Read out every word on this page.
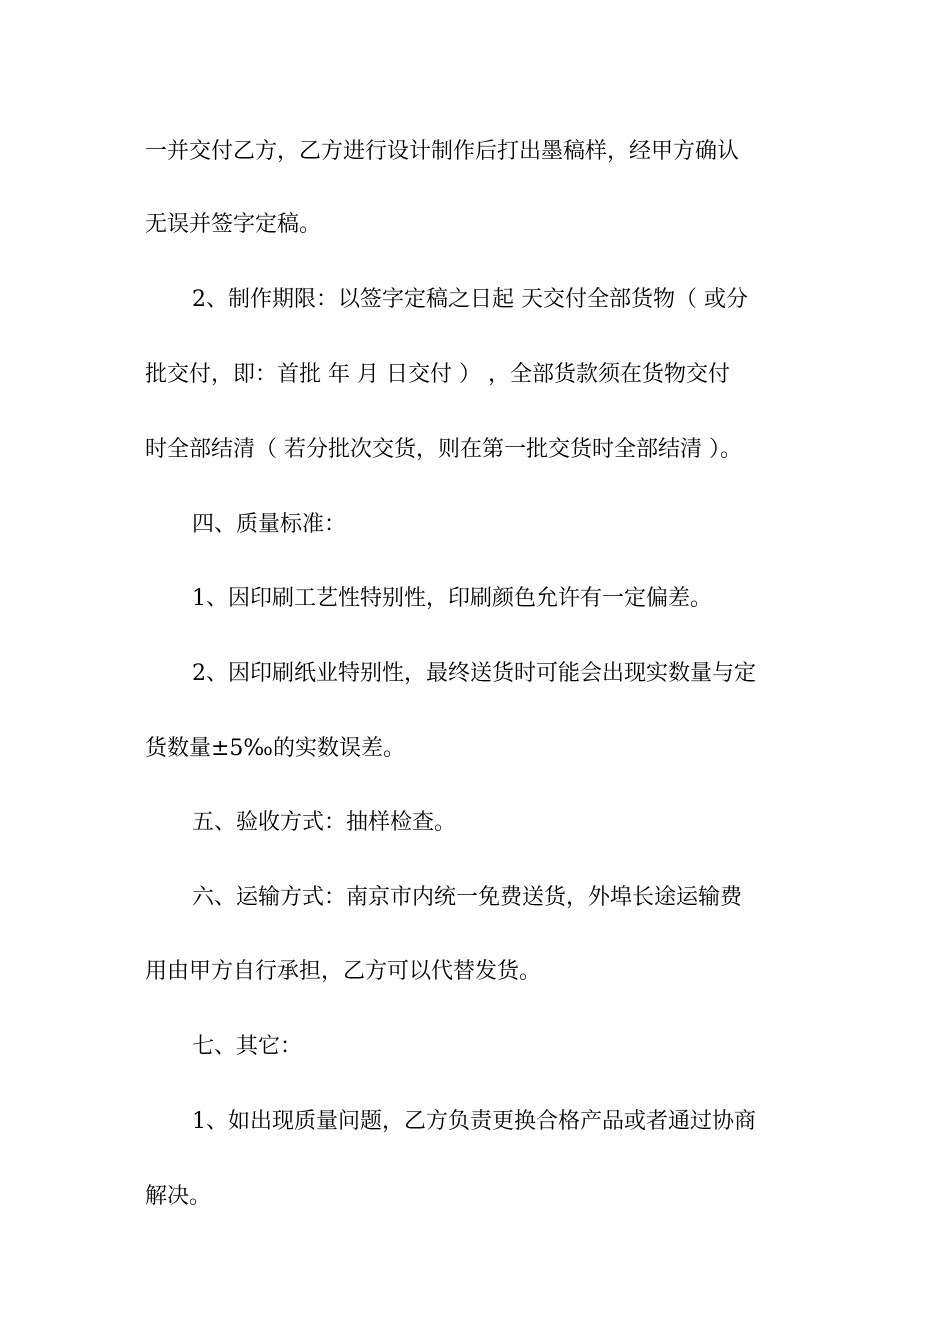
一并交付乙方，乙方进行设计制作后打出墨稿样，经甲方确认

无误并签字定稿。

2、制作期限：以签字定稿之日起 天交付全部货物（ 或分

批交付，即：首批 年 月 日交付 ） ，全部货款须在货物交付

时全部结清（ 若分批次交货，则在第一批交货时全部结清 ）。

四、质量标准：

1、因印刷工艺性特别性，印刷颜色允许有一定偏差。

2、因印刷纸业特别性，最终送货时可能会出现实数量与定

货数量±5‰的实数误差。

五、验收方式：抽样检查。

六、运输方式：南京市内统一免费送货，外埠长途运输费

用由甲方自行承担，乙方可以代替发货。

七、其它：

1、如出现质量问题，乙方负责更换合格产品或者通过协商

解决。
